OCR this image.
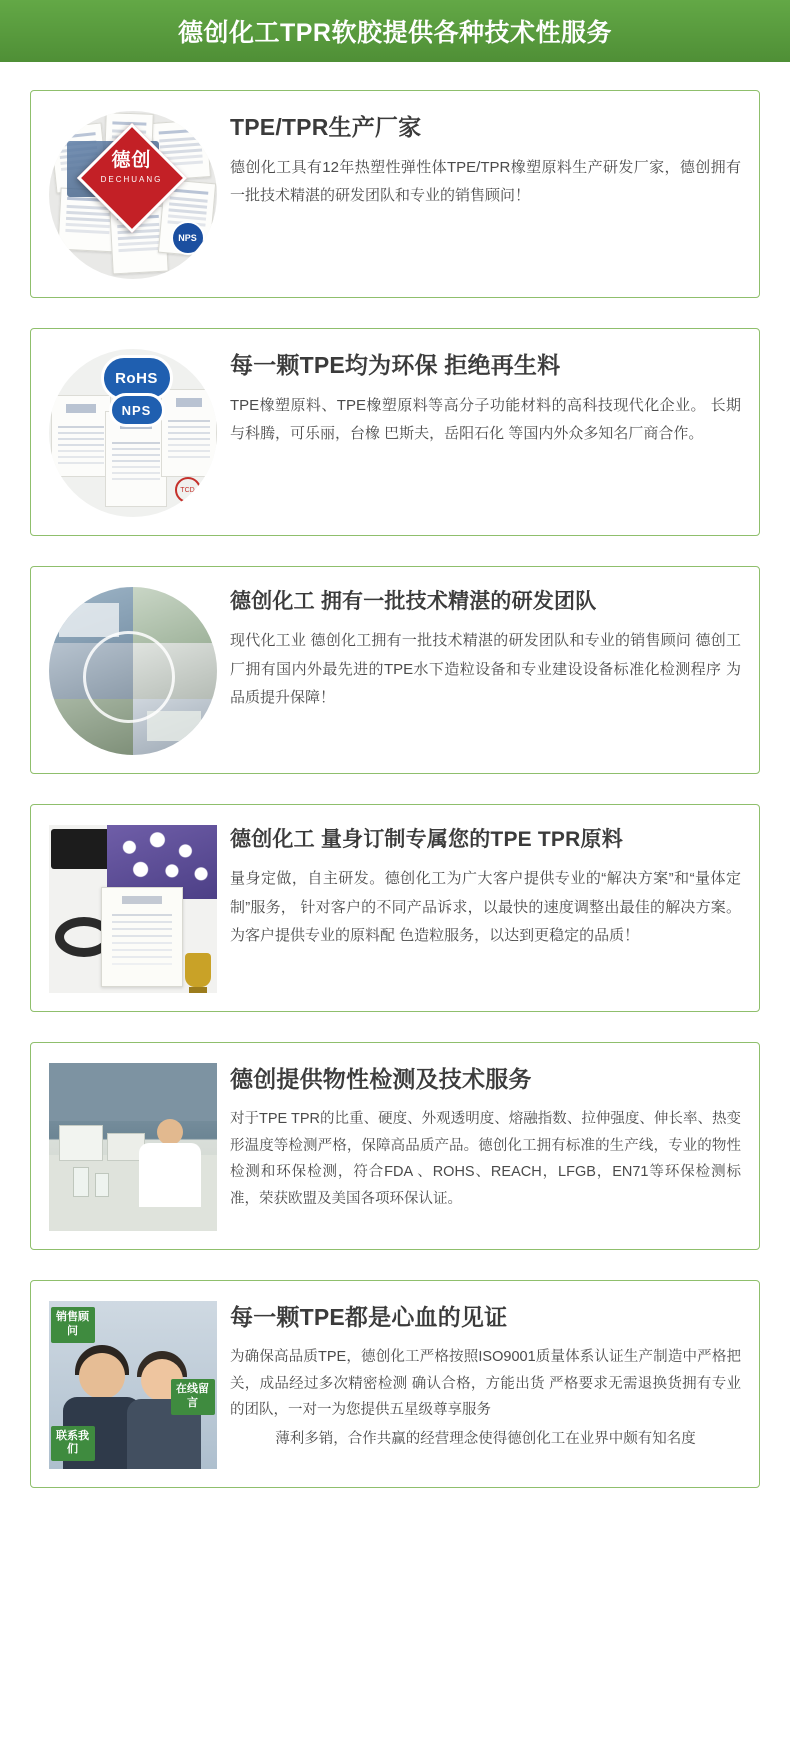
德创化工TPR软胶提供各种技术性服务
德创
DECHUANG
NPS
TPE/TPR生产厂家

德创化工具有12年热塑性弹性体TPE/TPR橡塑原料生产研发厂家，德创拥有一批技术精湛的研发团队和专业的销售顾问！

RoHS
NPS
TCD
每一颗TPE均为环保 拒绝再生料

TPE橡塑原料、TPE橡塑原料等高分子功能材料的高科技现代化企业。 长期与科腾，可乐丽，台橡 巴斯夫，岳阳石化 等国内外众多知名厂商合作。

德创化工 拥有一批技术精湛的研发团队

现代化工业 德创化工拥有一批技术精湛的研发团队和专业的销售顾问 德创工厂拥有国内外最先进的TPE水下造粒设备和专业建设设备标准化检测程序 为品质提升保障！

德创化工 量身订制专属您的TPE TPR原料

量身定做，自主研发。德创化工为广大客户提供专业的“解决方案”和“量体定制”服务， 针对客户的不同产品诉求，以最快的速度调整出最佳的解决方案。为客户提供专业的原料配 色造粒服务，以达到更稳定的品质！

德创提供物性检测及技术服务

对于TPE TPR的比重、硬度、外观透明度、熔融指数、拉伸强度、伸长率、热变形温度等检测严格，保障高品质产品。德创化工拥有标准的生产线，专业的物性检测和环保检测，符合FDA 、ROHS、REACH，LFGB，EN71等环保检测标准，荣获欧盟及美国各项环保认证。

销售顾问
在线留言
联系我们
每一颗TPE都是心血的见证

为确保高品质TPE，德创化工严格按照ISO9001质量体系认证生产制造中严格把关，成品经过多次精密检测 确认合格，方能出货 严格要求无需退换货拥有专业的团队，一对一为您提供五星级尊享服务

薄利多销，合作共赢的经营理念使得德创化工在业界中颇有知名度
